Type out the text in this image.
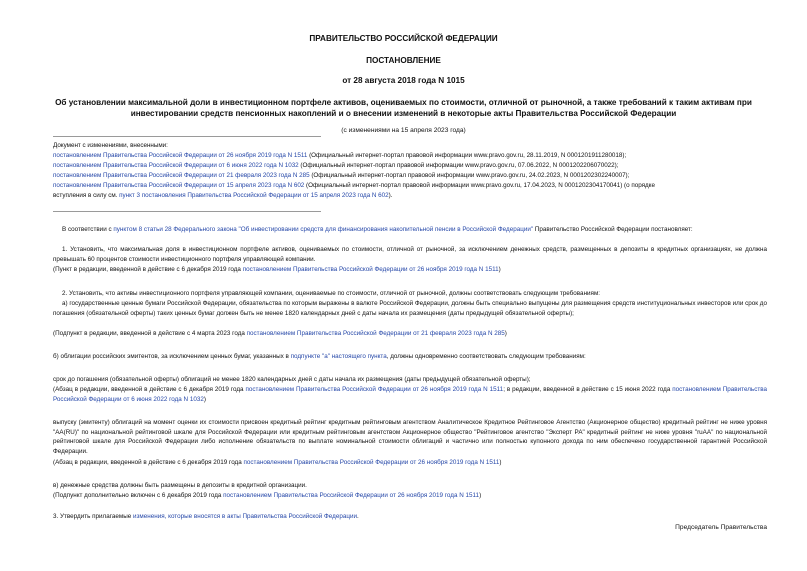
ПРАВИТЕЛЬСТВО РОССИЙСКОЙ ФЕДЕРАЦИИ
ПОСТАНОВЛЕНИЕ
от 28 августа 2018 года N 1015
Об установлении максимальной доли в инвестиционном портфеле активов, оцениваемых по стоимости, отличной от рыночной, а также требований к таким активам при инвестировании средств пенсионных накоплений и о внесении изменений в некоторые акты Правительства Российской Федерации
(с изменениями на 15 апреля 2023 года)
Документ с изменениями, внесенными:
постановлением Правительства Российской Федерации от 26 ноября 2019 года N 1511 (Официальный интернет-портал правовой информации www.pravo.gov.ru, 28.11.2019, N 0001201911280018);
постановлением Правительства Российской Федерации от 6 июня 2022 года N 1032 (Официальный интернет-портал правовой информации www.pravo.gov.ru, 07.06.2022, N 0001202206070022);
постановлением Правительства Российской Федерации от 21 февраля 2023 года N 285 (Официальный интернет-портал правовой информации www.pravo.gov.ru, 24.02.2023, N 0001202302240007);
постановлением Правительства Российской Федерации от 15 апреля 2023 года N 602 (Официальный интернет-портал правовой информации www.pravo.gov.ru, 17.04.2023, N 0001202304170041) (о порядке
вступления в силу см. пункт 3 постановления Правительства Российской Федерации от 15 апреля 2023 года N 602).
В соответствии с пунктом 8 статьи 28 Федерального закона "Об инвестировании средств для финансирования накопительной пенсии в Российской Федерации" Правительство Российской Федерации постановляет:
1. Установить, что максимальная доля в инвестиционном портфеле активов, оцениваемых по стоимости, отличной от рыночной, за исключением денежных средств, размещенных в депозиты в кредитных организациях, не должна превышать 60 процентов стоимости инвестиционного портфеля управляющей компании.
(Пункт в редакции, введенной в действие с 6 декабря 2019 года постановлением Правительства Российской Федерации от 26 ноября 2019 года N 1511)
2. Установить, что активы инвестиционного портфеля управляющей компании, оцениваемые по стоимости, отличной от рыночной, должны соответствовать следующим требованиям:
а) государственные ценные бумаги Российской Федерации, обязательства по которым выражены в валюте Российской Федерации, должны быть специально выпущены для размещения средств институциональных инвесторов или срок до погашения (обязательной оферты) таких ценных бумаг должен быть не менее 1820 календарных дней с даты начала их размещения (даты предыдущей обязательной оферты);
(Подпункт в редакции, введенной в действие с 4 марта 2023 года постановлением Правительства Российской Федерации от 21 февраля 2023 года N 285)
б) облигации российских эмитентов, за исключением ценных бумаг, указанных в подпункте "а" настоящего пункта, должны одновременно соответствовать следующим требованиям:
срок до погашения (обязательной оферты) облигаций не менее 1820 календарных дней с даты начала их размещения (даты предыдущей обязательной оферты);
(Абзац в редакции, введенной в действие с 6 декабря 2019 года постановлением Правительства Российской Федерации от 26 ноября 2019 года N 1511; в редакции, введенной в действие с 15 июня 2022 года постановлением Правительства Российской Федерации от 6 июня 2022 года N 1032)
выпуску (эмитенту) облигаций на момент оценки их стоимости присвоен кредитный рейтинг кредитным рейтинговым агентством Аналитическое Кредитное Рейтинговое Агентство (Акционерное общество) кредитный рейтинг не ниже уровня "AA(RU)" по национальной рейтинговой шкале для Российской Федерации или кредитным рейтинговым агентством Акционерное общество "Рейтинговое агентство "Эксперт РА" кредитный рейтинг не ниже уровня "ruAA" по национальной рейтинговой шкале для Российской Федерации либо исполнение обязательств по выплате номинальной стоимости облигаций и частично или полностью купонного дохода по ним обеспечено государственной гарантией Российской Федерации.
(Абзац в редакции, введенной в действие с 6 декабря 2019 года постановлением Правительства Российской Федерации от 26 ноября 2019 года N 1511)
в) денежные средства должны быть размещены в депозиты в кредитной организации.
(Подпункт дополнительно включен с 6 декабря 2019 года постановлением Правительства Российской Федерации от 26 ноября 2019 года N 1511)
3. Утвердить прилагаемые изменения, которые вносятся в акты Правительства Российской Федерации.
Председатель Правительства
